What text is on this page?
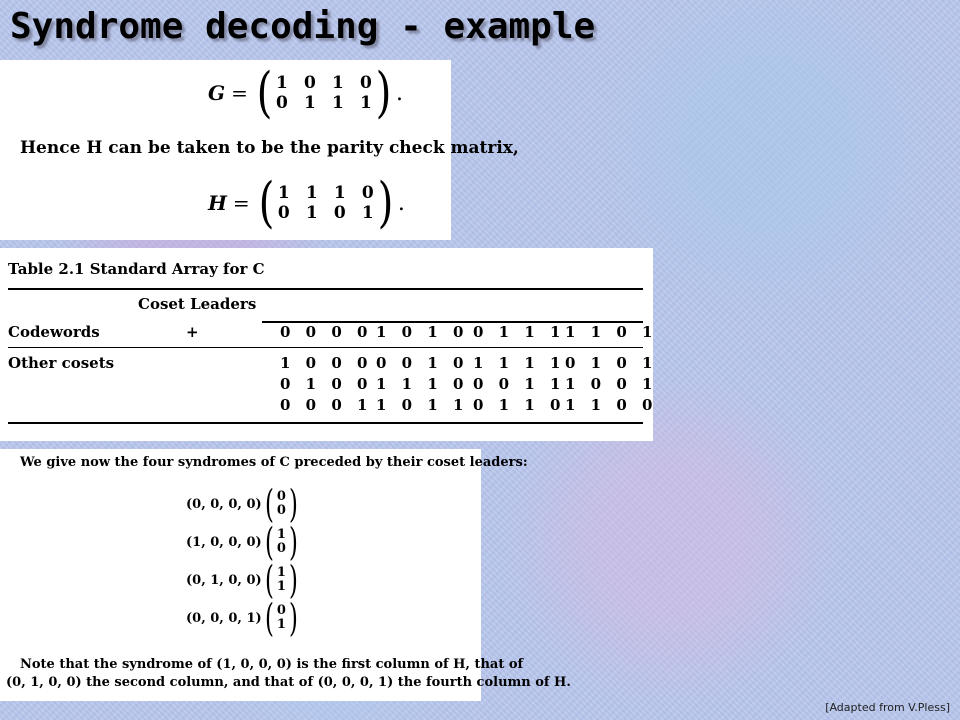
Syndrome decoding - example
G = ( 1 0 1 0
0 1 1 1 ) .
Hence H can be taken to be the parity check matrix,
H = ( 1 1 1 0
0 1 0 1 ) .
Table 2.1 Standard Array for C
Coset Leaders
Codewords	+	0 0 0 0 1 0 1 0 0 1 1 1 1 1 0 1
Other cosets	1 0 0 0 0 0 1 0 1 1 1 1 0 1 0 1
0 1 0 0 1 1 1 0 0 0 1 1 1 0 0 1
0 0 0 1 1 0 1 1 0 1 1 0 1 1 0 0
We give now the four syndromes of C preceded by their coset leaders:
(0, 0, 0, 0) ( 0
0 )
(1, 0, 0, 0) ( 1
0 )
(0, 1, 0, 0) ( 1
1 )
(0, 0, 0, 1) ( 0
1 )
Note that the syndrome of (1, 0, 0, 0) is the first column of H, that of
(0, 1, 0, 0) the second column, and that of (0, 0, 0, 1) the fourth column of H.
[Adapted from V.Pless]
